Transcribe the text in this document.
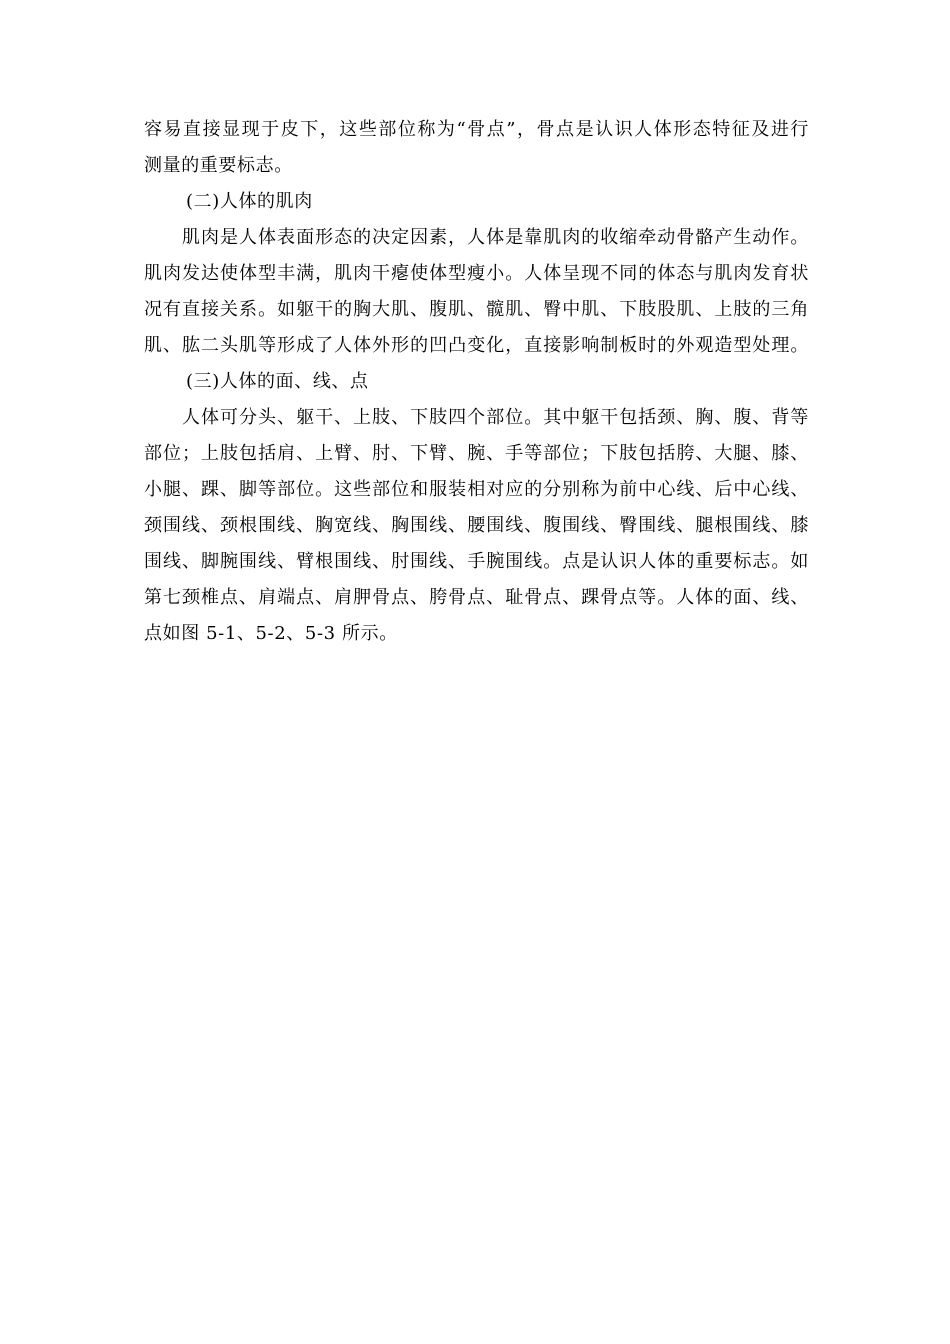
容易直接显现于皮下，这些部位称为“骨点”，骨点是认识人体形态特征及进行
测量的重要标志。
(二)人体的肌肉
肌肉是人体表面形态的决定因素，人体是靠肌肉的收缩牵动骨骼产生动作。
肌肉发达使体型丰满，肌肉干瘪使体型瘦小。人体呈现不同的体态与肌肉发育状
况有直接关系。如躯干的胸大肌、腹肌、髋肌、臀中肌、下肢股肌、上肢的三角
肌、肱二头肌等形成了人体外形的凹凸变化，直接影响制板时的外观造型处理。
(三)人体的面、线、点
人体可分头、躯干、上肢、下肢四个部位。其中躯干包括颈、胸、腹、背等
部位；上肢包括肩、上臂、肘、下臂、腕、手等部位；下肢包括胯、大腿、膝、
小腿、踝、脚等部位。这些部位和服装相对应的分别称为前中心线、后中心线、
颈围线、颈根围线、胸宽线、胸围线、腰围线、腹围线、臀围线、腿根围线、膝
围线、脚腕围线、臂根围线、肘围线、手腕围线。点是认识人体的重要标志。如
第七颈椎点、肩端点、肩胛骨点、胯骨点、耻骨点、踝骨点等。人体的面、线、
点如图 5-1、5-2、5-3 所示。
